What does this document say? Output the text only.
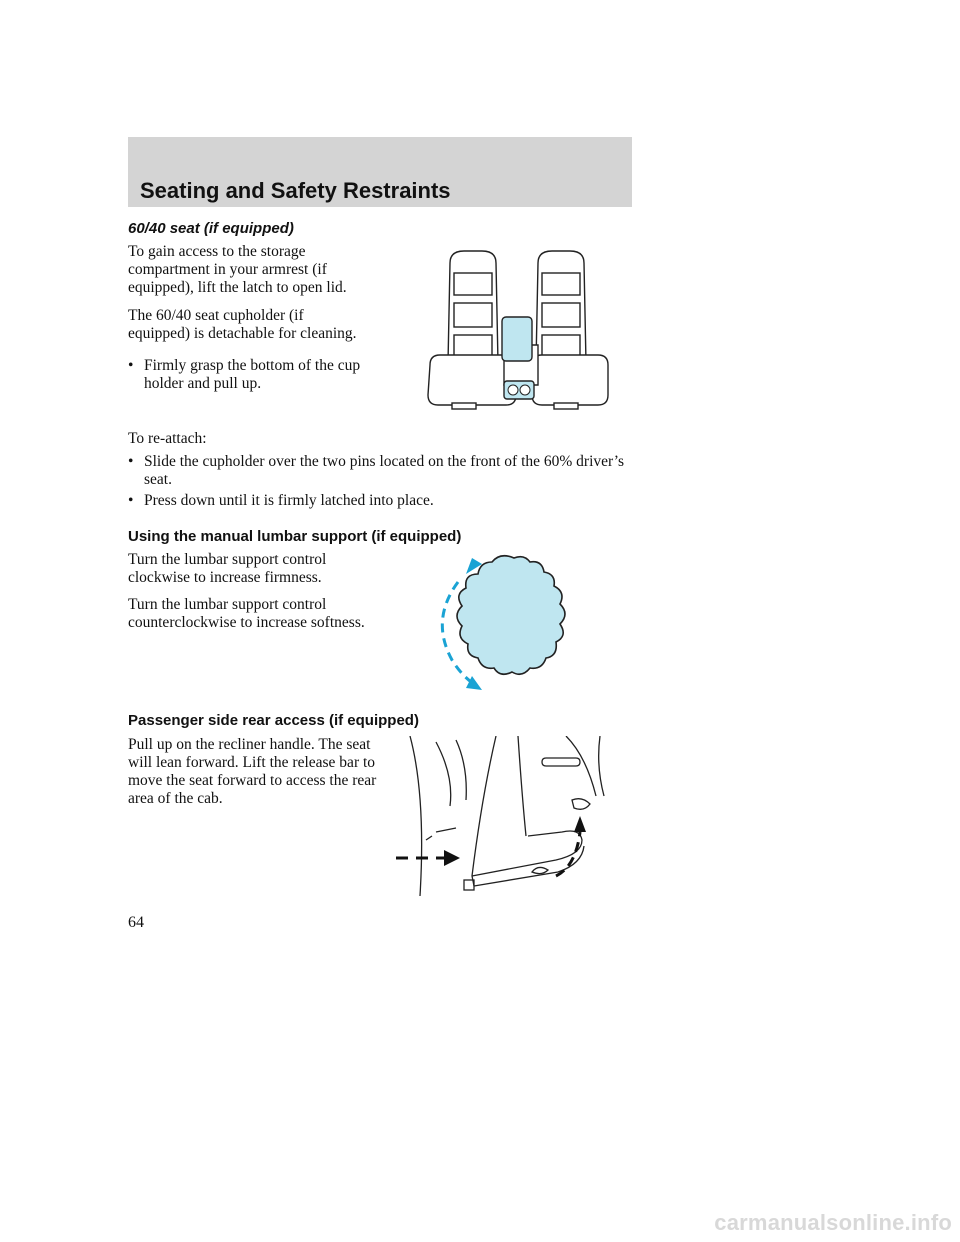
Seating and Safety Restraints
60/40 seat (if equipped)

To gain access to the storage compartment in your armrest (if equipped), lift the latch to open lid.

The 60/40 seat cupholder (if equipped) is detachable for cleaning.

• Firmly grasp the bottom of the cup holder and pull up.

To re-attach:

• Slide the cupholder over the two pins located on the front of the 60% driver’s seat.
• Press down until it is firmly latched into place.
Using the manual lumbar support (if equipped)

Turn the lumbar support control clockwise to increase firmness.

Turn the lumbar support control counterclockwise to increase softness.

Passenger side rear access (if equipped)

Pull up on the recliner handle. The seat will lean forward. Lift the release bar to move the seat forward to access the rear area of the cab.

64
carmanualsonline.info
